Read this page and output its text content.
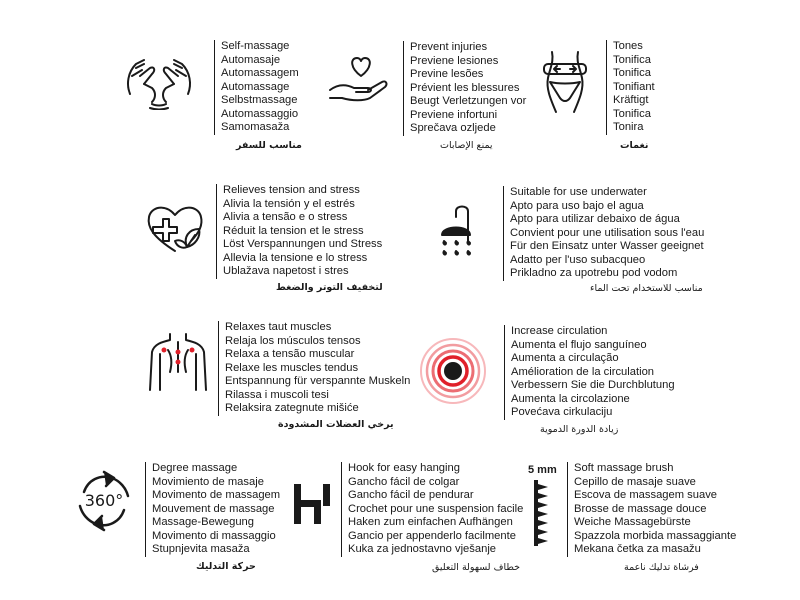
Self-massage
Automasaje
Automassagem
Automassage
Selbstmassage
Automassaggio
Samomasaža
مناسب للسفر
Prevent injuries
Previene lesiones
Previne lesões
Prévient les blessures
Beugt Verletzungen vor
Previene infortuni
Sprečava ozljede
يمنع الإصابات
Tones
Tonifica
Tonifica
Tonifiant
Kräftigt
Tonifica
Tonira
نغمات
Relieves tension and stress
Alivia la tensión y el estrés
Alivia a tensão e o stress
Réduit la tension et le stress
Löst Verspannungen und Stress
Allevia la tensione e lo stress
Ublažava napetost i stres
لتخفيف التوتر والضغط
Suitable for use underwater
Apto para uso bajo el agua
Apto para utilizar debaixo de água
Convient pour une utilisation sous l'eau
Für den Einsatz unter Wasser geeignet
Adatto per l'uso subacqueo
Prikladno za upotrebu pod vodom
مناسب للاستخدام تحت الماء
Relaxes taut muscles
Relaja los músculos tensos
Relaxa a tensão muscular
Relaxe les muscles tendus
Entspannung für verspannte Muskeln
Rilassa i muscoli tesi
Relaksira zategnute mišiće
يرخي العضلات المشدودة
Increase circulation
Aumenta el flujo sanguíneo
Aumenta a circulação
Amélioration de la circulation
Verbessern Sie die Durchblutung
Aumenta la circolazione
Povećava cirkulaciju
زيادة الدورة الدموية
360°
Degree massage
Movimiento de masaje
Movimento de massagem
Mouvement de massage
Massage-Bewegung
Movimento di massaggio
Stupnjevita masaža
حركة التدليك
Hook for easy hanging
Gancho fácil de colgar
Gancho fácil de pendurar
Crochet pour une suspension facile
Haken zum einfachen Aufhängen
Gancio per appenderlo facilmente
Kuka za jednostavno vješanje
خطاف لسهولة التعليق
5 mm Soft massage brush
Cepillo de masaje suave
Escova de massagem suave
Brosse de massage douce
Weiche Massagebürste
Spazzola morbida massaggiante
Mekana četka za masažu
فرشاة تدليك ناعمة
